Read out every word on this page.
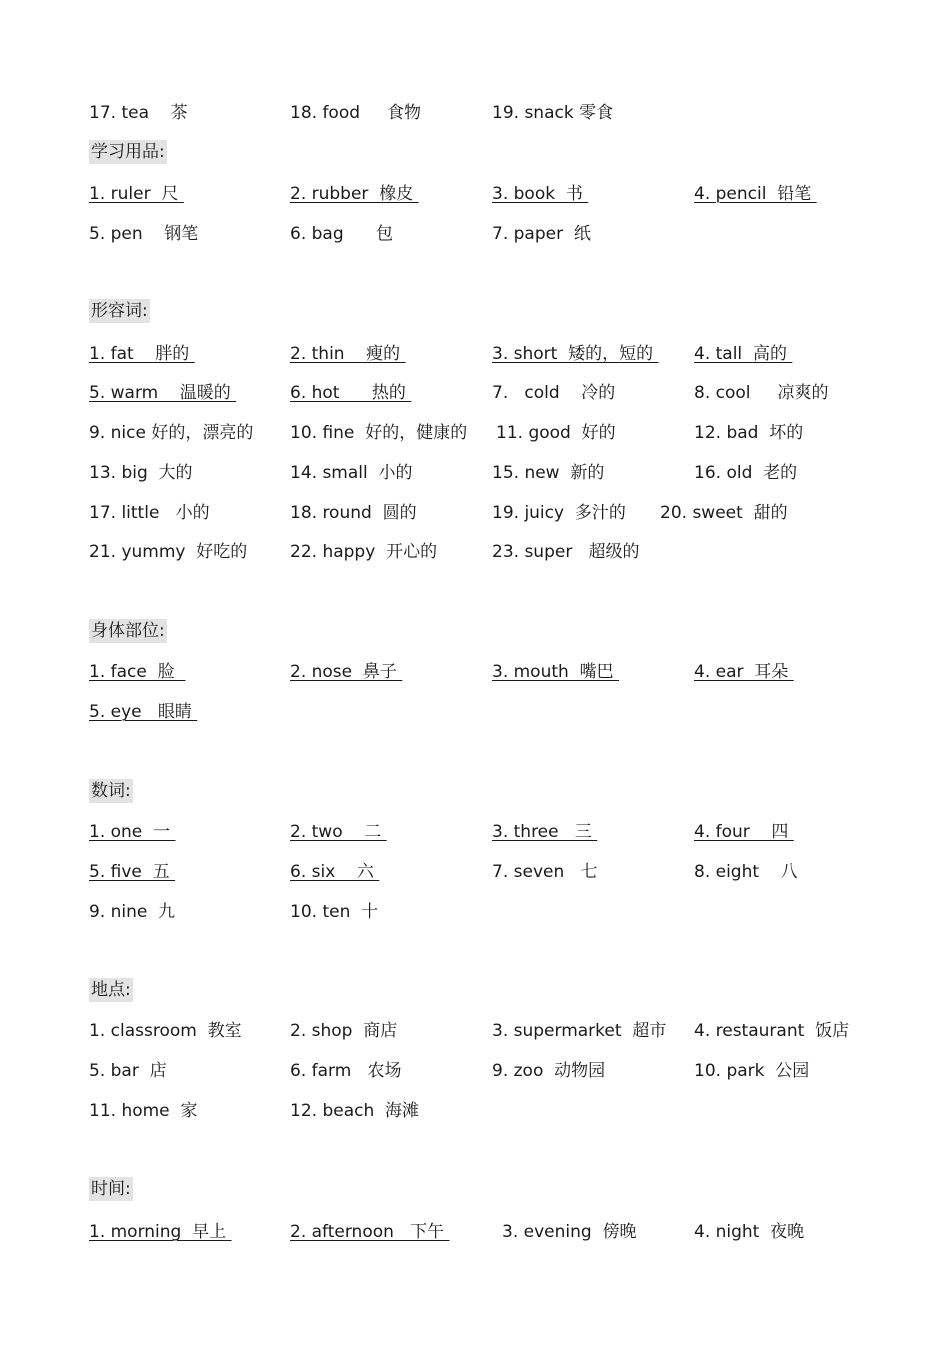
学习用品:
形容词:
身体部位:
数词:
地点:
时间:
17. tea    茶	18. food     食物	19. snack 零食
1. ruler  尺	2. rubber  橡皮	3. book  书	4. pencil  铅笔
5. pen    钢笔	6. bag      包	7. paper  纸
1. fat    胖的	2. thin    瘦的	3. short  矮的，短的 4. tall  高的
5. warm    温暖的	6. hot      热的	7.   cold    冷的	8. cool     凉爽的
9. nice 好的，漂亮的 10. fine  好的，健康的 11. good  好的	12. bad  坏的
13. big  大的	14. small  小的	15. new  新的	16. old  老的
17. little   小的	18. round  圆的	19. juicy  多汁的 20. sweet  甜的
21. yummy  好吃的	22. happy  开心的	23. super   超级的
1. face  脸	2. nose  鼻子	3. mouth  嘴巴	4. ear  耳朵
5. eye   眼睛
1. one  一	2. two    二	3. three   三	4. four    四
5. five  五	6. six    六	7. seven   七	8. eight    八
9. nine  九	10. ten  十
1. classroom  教室	2. shop  商店	3. supermarket  超市 4. restaurant  饭店
5. bar  店	6. farm   农场	9. zoo  动物园	10. park  公园
11. home  家	12. beach  海滩
1. morning  早上	2. afternoon   下午	3. evening  傍晚	4. night  夜晚
